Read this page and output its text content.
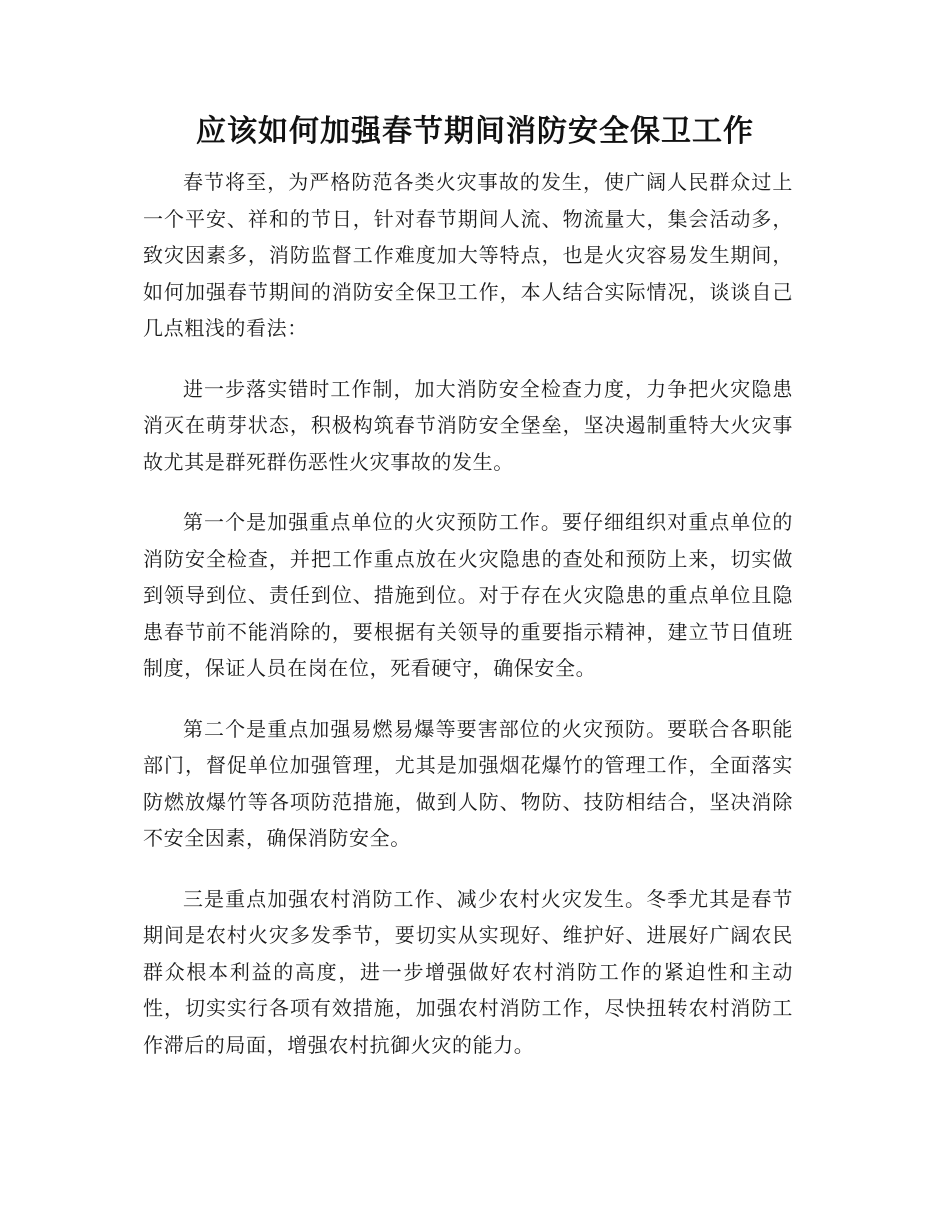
应该如何加强春节期间消防安全保卫工作

春节将至，为严格防范各类火灾事故的发生，使广阔人民群众过上一个平安、祥和的节日，针对春节期间人流、物流量大，集会活动多，致灾因素多，消防监督工作难度加大等特点，也是火灾容易发生期间，如何加强春节期间的消防安全保卫工作，本人结合实际情况，谈谈自己几点粗浅的看法：

进一步落实错时工作制，加大消防安全检查力度，力争把火灾隐患消灭在萌芽状态，积极构筑春节消防安全堡垒，坚决遏制重特大火灾事故尤其是群死群伤恶性火灾事故的发生。

第一个是加强重点单位的火灾预防工作。要仔细组织对重点单位的消防安全检查，并把工作重点放在火灾隐患的查处和预防上来，切实做到领导到位、责任到位、措施到位。对于存在火灾隐患的重点单位且隐患春节前不能消除的，要根据有关领导的重要指示精神，建立节日值班制度，保证人员在岗在位，死看硬守，确保安全。

第二个是重点加强易燃易爆等要害部位的火灾预防。要联合各职能部门，督促单位加强管理，尤其是加强烟花爆竹的管理工作，全面落实防燃放爆竹等各项防范措施，做到人防、物防、技防相结合，坚决消除不安全因素，确保消防安全。

三是重点加强农村消防工作、减少农村火灾发生。冬季尤其是春节期间是农村火灾多发季节，要切实从实现好、维护好、进展好广阔农民群众根本利益的高度，进一步增强做好农村消防工作的紧迫性和主动性，切实实行各项有效措施，加强农村消防工作，尽快扭转农村消防工作滞后的局面，增强农村抗御火灾的能力。
